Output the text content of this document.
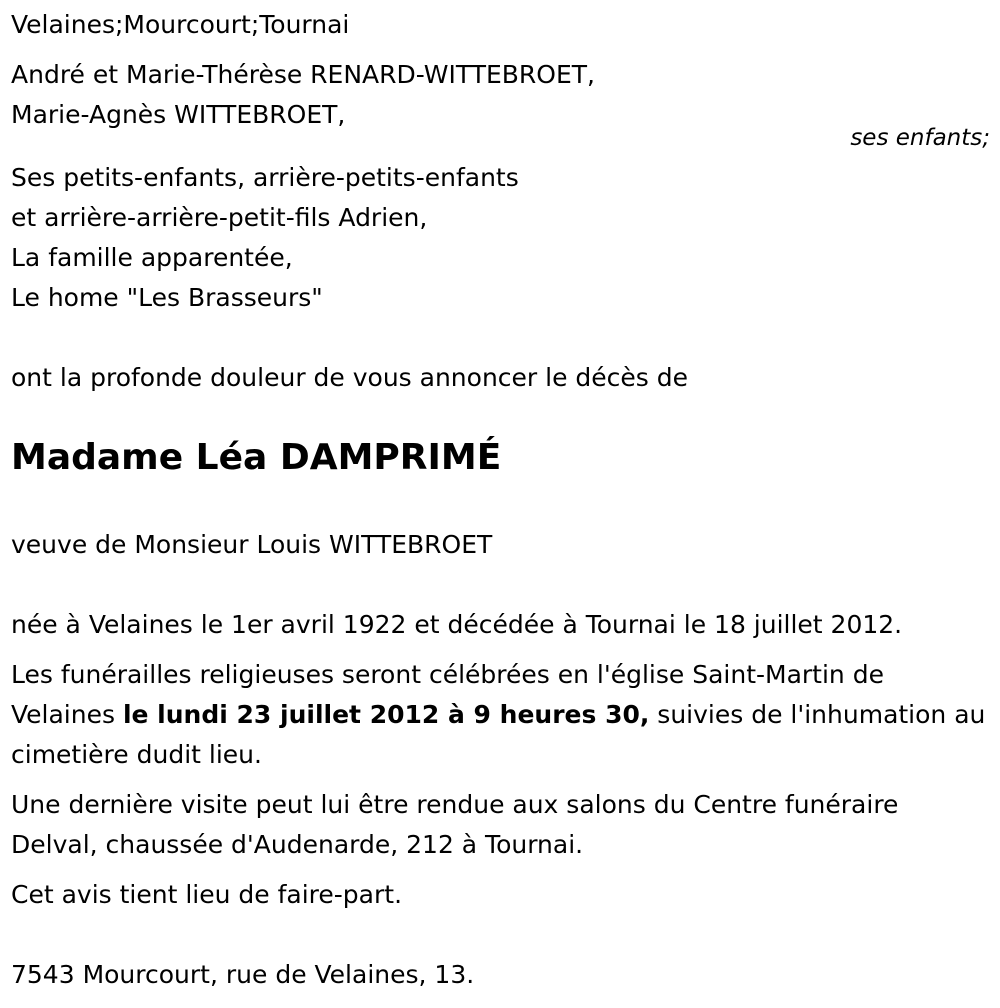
Velaines;Mourcourt;Tournai
André et Marie-Thérèse RENARD-WITTEBROET,
Marie-Agnès WITTEBROET,
ses enfants;
Ses petits-enfants, arrière-petits-enfants
et arrière-arrière-petit-fils Adrien,
La famille apparentée,
Le home "Les Brasseurs"
ont la profonde douleur de vous annoncer le décès de
Madame Léa DAMPRIMÉ
veuve de Monsieur Louis WITTEBROET
née à Velaines le 1er avril 1922 et décédée à Tournai le 18 juillet 2012.
Les funérailles religieuses seront célébrées en l'église Saint-Martin de
Velaines le lundi 23 juillet 2012 à 9 heures 30, suivies de l'inhumation au
cimetière dudit lieu.
Une dernière visite peut lui être rendue aux salons du Centre funéraire
Delval, chaussée d'Audenarde, 212 à Tournai.
Cet avis tient lieu de faire-part.
7543 Mourcourt, rue de Velaines, 13.
